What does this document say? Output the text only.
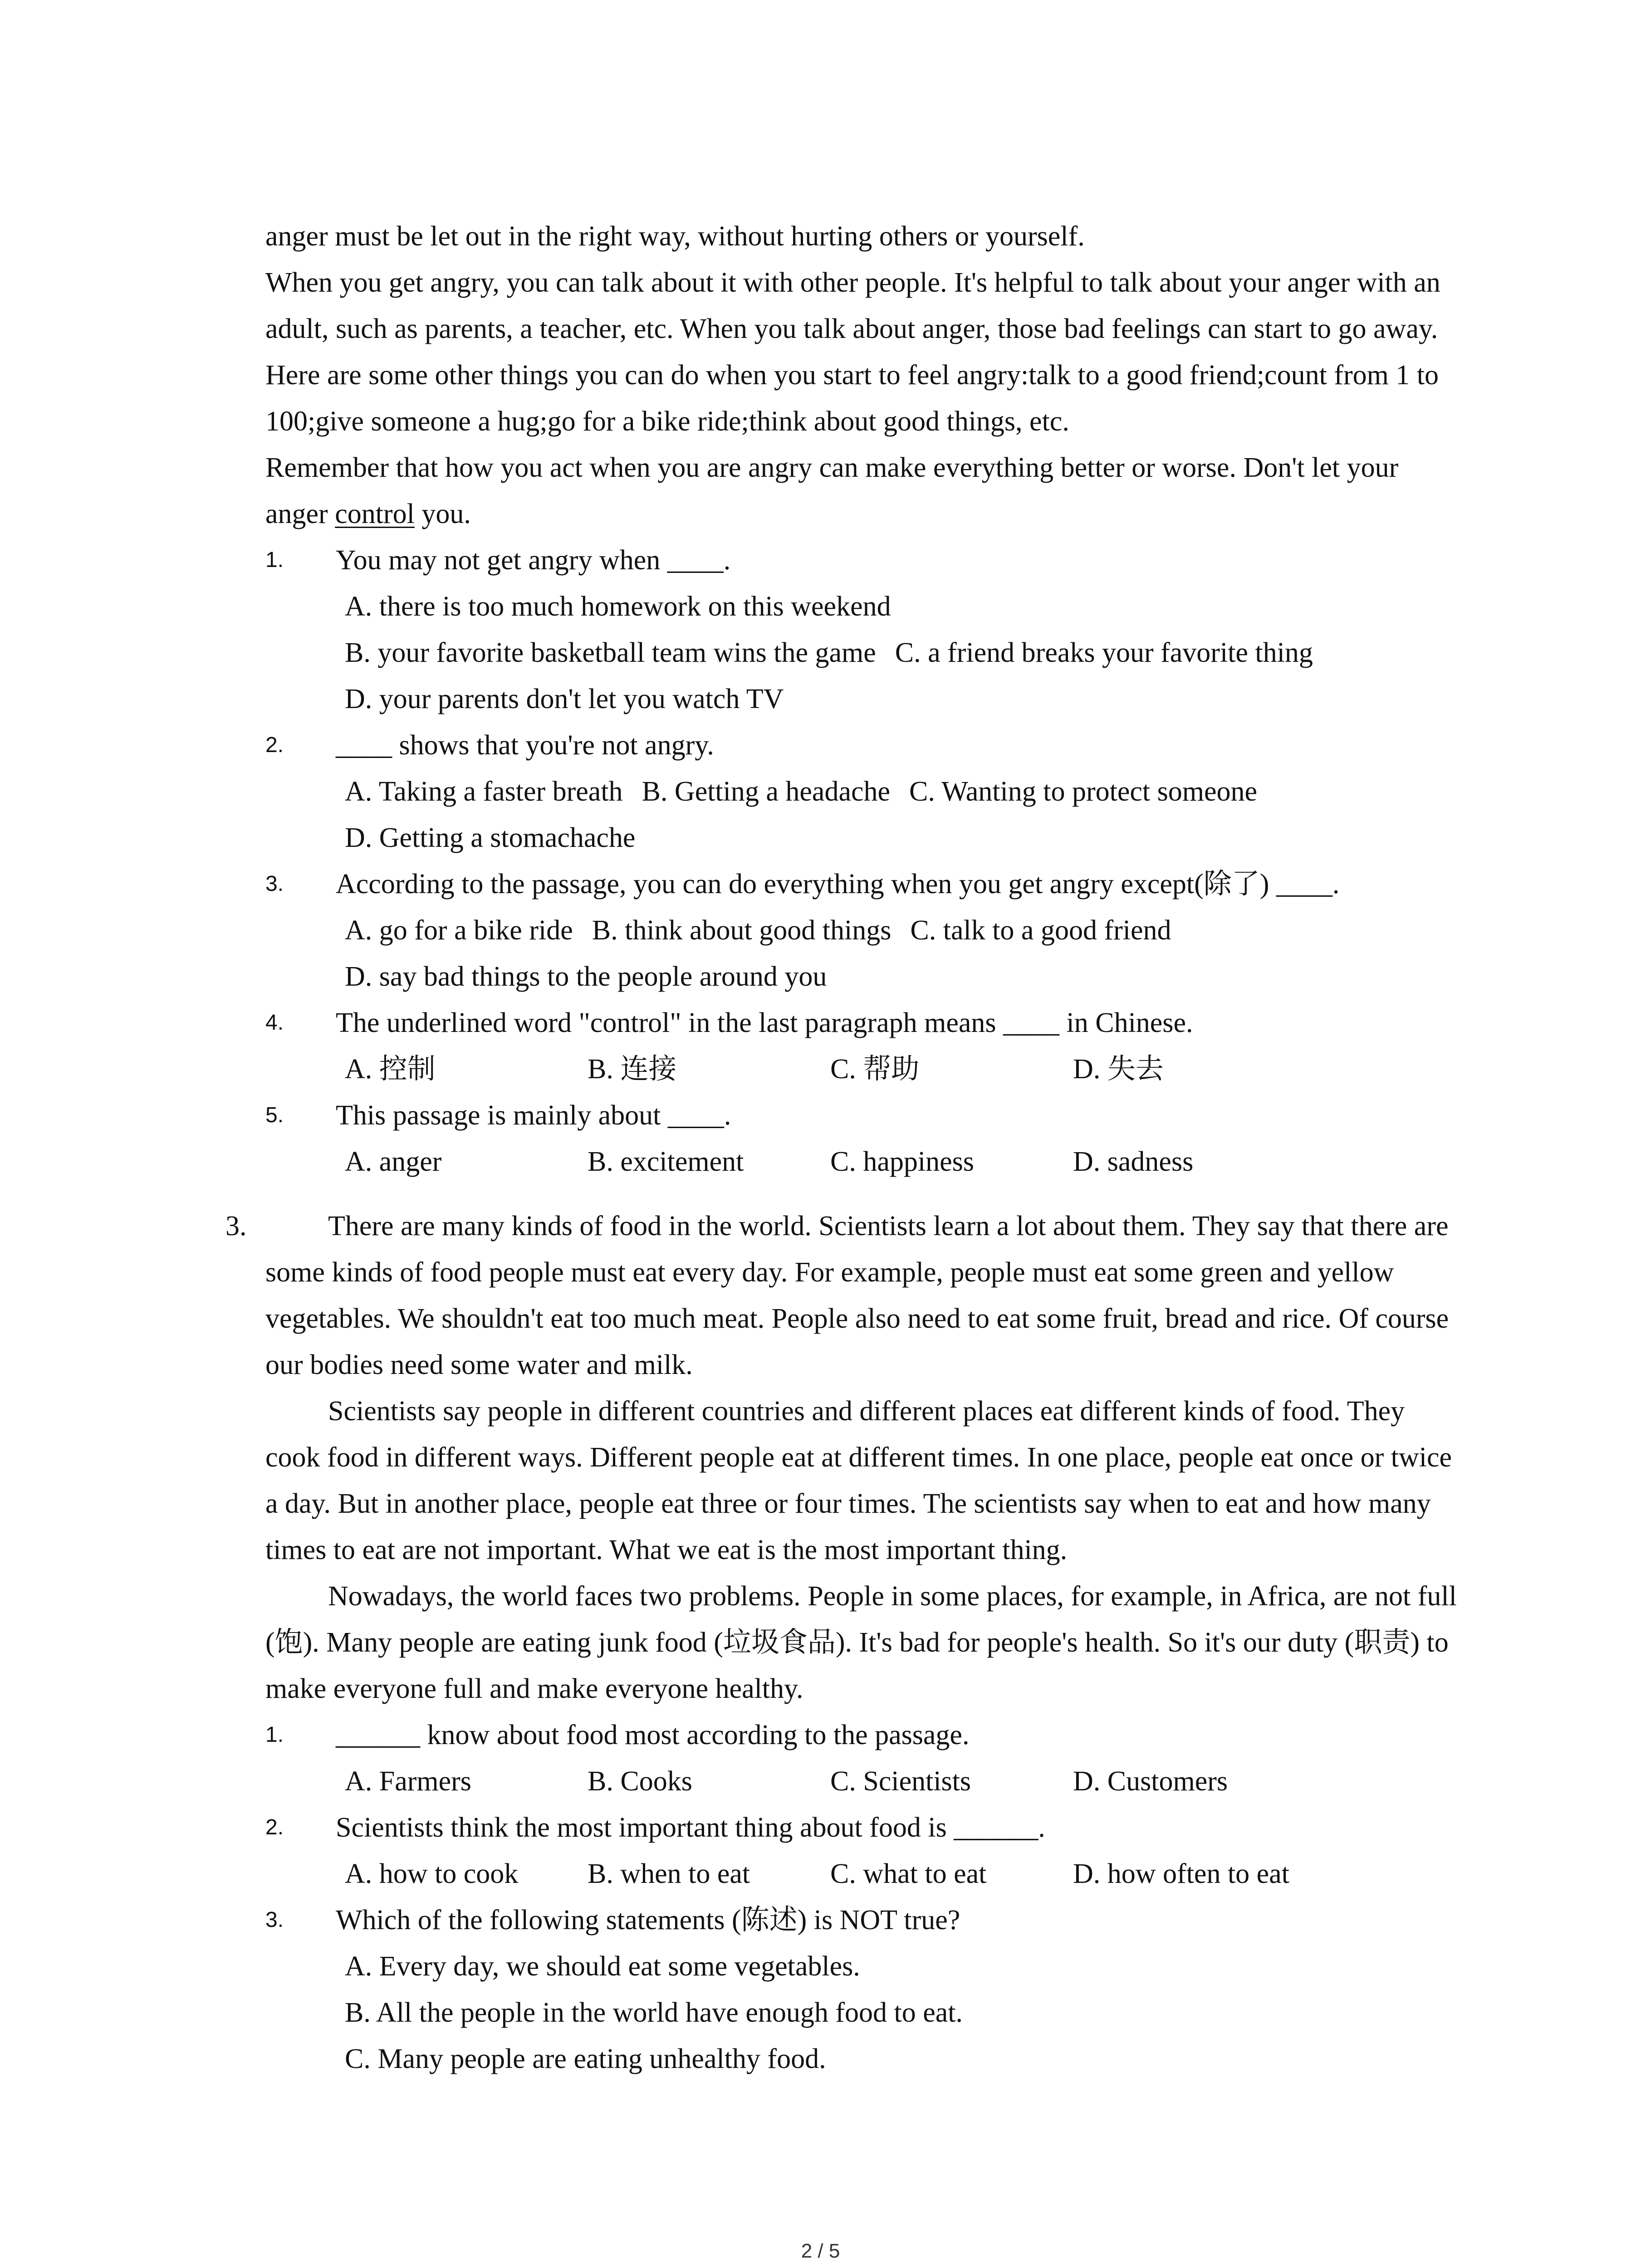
anger must be let out in the right way, without hurting others or yourself.

When you get angry, you can talk about it with other people. It's helpful to talk about your anger with an adult, such as parents, a teacher, etc. When you talk about anger, those bad feelings can start to go away. Here are some other things you can do when you start to feel angry:talk to a good friend;count from 1 to 100;give someone a hug;go for a bike ride;think about good things, etc.

Remember that how you act when you are angry can make everything better or worse. Don't let your anger control you.

1. You may not get angry when ____.
A. there is too much homework on this weekend
B. your favorite basketball team wins the game C. a friend breaks your favorite thing
D. your parents don't let you watch TV
2. ____ shows that you're not angry.
A. Taking a faster breath B. Getting a headache C. Wanting to protect someone
D. Getting a stomachache
3. According to the passage, you can do everything when you get angry except(除了) ____.
A. go for a bike ride B. think about good things C. talk to a good friend
D. say bad things to the people around you
4. The underlined word "control" in the last paragraph means ____ in Chinese.
A. 控制	B. 连接	C. 帮助	D. 失去
5. This passage is mainly about ____.
A. anger	B. excitement	C. happiness	D. sadness
3.	There are many kinds of food in the world. Scientists learn a lot about them. They say that there are some kinds of food people must eat every day. For example, people must eat some green and yellow vegetables. We shouldn't eat too much meat. People also need to eat some fruit, bread and rice. Of course our bodies need some water and milk.

Scientists say people in different countries and different places eat different kinds of food. They cook food in different ways. Different people eat at different times. In one place, people eat once or twice a day. But in another place, people eat three or four times. The scientists say when to eat and how many times to eat are not important. What we eat is the most important thing.

Nowadays, the world faces two problems. People in some places, for example, in Africa, are not full (饱). Many people are eating junk food (垃圾食品). It's bad for people's health. So it's our duty (职责) to make everyone full and make everyone healthy.

1. ______ know about food most according to the passage.
A. Farmers	B. Cooks	C. Scientists	D. Customers
2. Scientists think the most important thing about food is ______.
A. how to cook	B. when to eat	C. what to eat	D. how often to eat
3. Which of the following statements (陈述) is NOT true?
A. Every day, we should eat some vegetables.
B. All the people in the world have enough food to eat.
C. Many people are eating unhealthy food.
2 / 5
